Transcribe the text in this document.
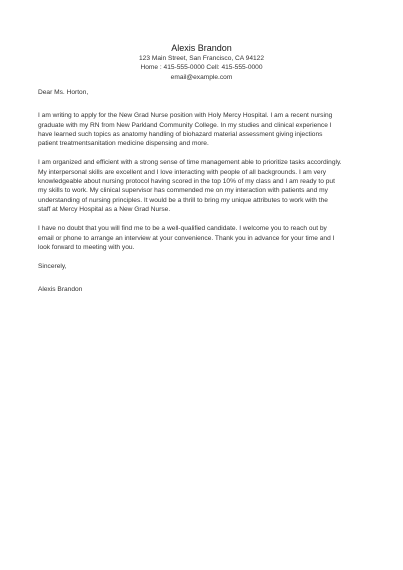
Alexis Brandon
123 Main Street, San Francisco, CA 94122
Home : 415-555-0000 Cell: 415-555-0000
email@example.com
Dear Ms. Horton,
I am writing to apply for the New Grad Nurse position with Holy Mercy Hospital. I am a recent nursing
graduate with my RN from New Parkland Community College. In my studies and clinical experience I
have learned such topics as anatomy handling of biohazard material assessment giving injections
patient treatmentsanitation medicine dispensing and more.
I am organized and efficient with a strong sense of time management able to prioritize tasks accordingly.
My interpersonal skills are excellent and I love interacting with people of all backgrounds. I am very
knowledgeable about nursing protocol having scored in the top 10% of my class and I am ready to put
my skills to work. My clinical supervisor has commended me on my interaction with patients and my
understanding of nursing principles. It would be a thrill to bring my unique attributes to work with the
staff at Mercy Hospital as a New Grad Nurse.
I have no doubt that you will find me to be a well-qualified candidate. I welcome you to reach out by
email or phone to arrange an interview at your convenience. Thank you in advance for your time and I
look forward to meeting with you.
Sincerely,
Alexis Brandon
